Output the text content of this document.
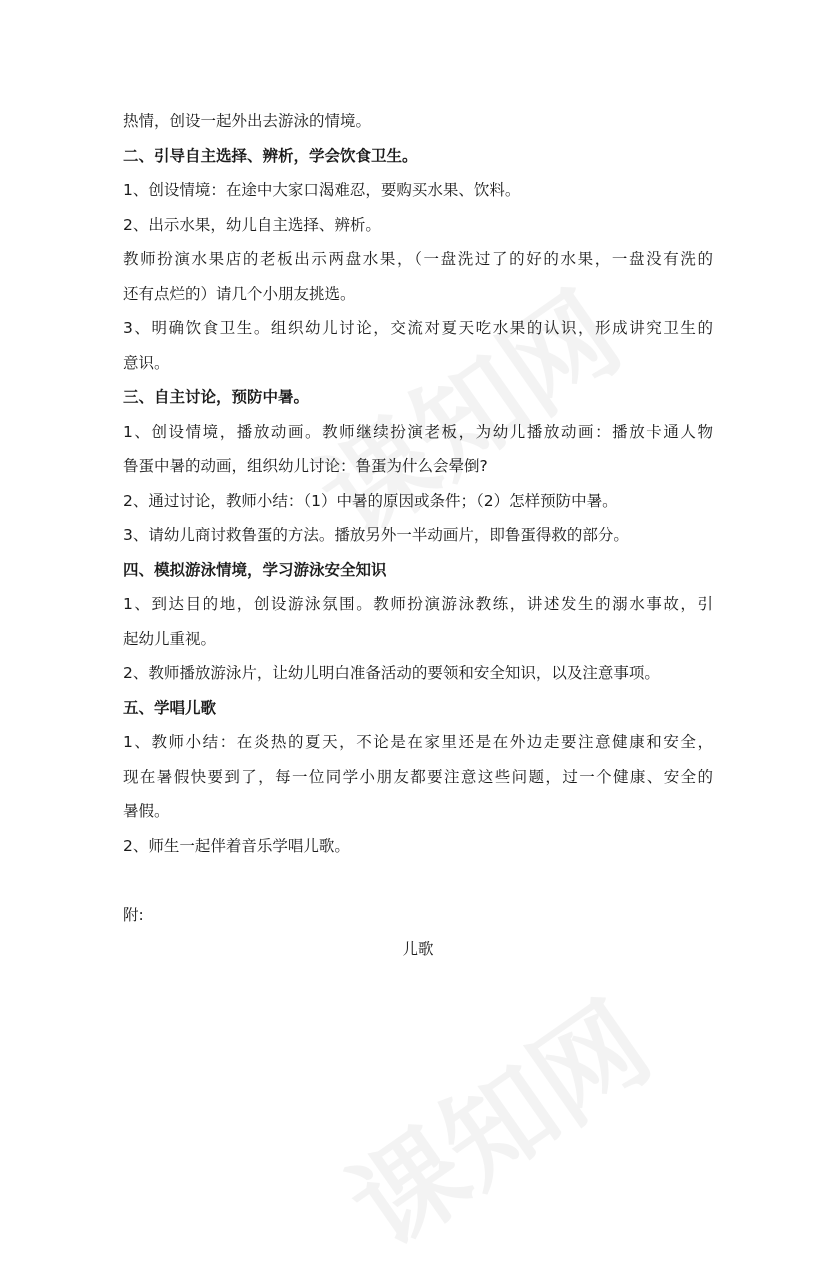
热情，创设一起外出去游泳的情境。

二、引导自主选择、辨析，学会饮食卫生。

1、创设情境：在途中大家口渴难忍，要购买水果、饮料。

2、出示水果，幼儿自主选择、辨析。

教师扮演水果店的老板出示两盘水果，（一盘洗过了的好的水果，一盘没有洗的

还有点烂的）请几个小朋友挑选。

3、明确饮食卫生。组织幼儿讨论，交流对夏天吃水果的认识，形成讲究卫生的

意识。

三、自主讨论，预防中暑。

1、创设情境，播放动画。教师继续扮演老板，为幼儿播放动画：播放卡通人物

鲁蛋中暑的动画，组织幼儿讨论：鲁蛋为什么会晕倒?

2、通过讨论，教师小结：（1）中暑的原因或条件；（2）怎样预防中暑。

3、请幼儿商讨救鲁蛋的方法。播放另外一半动画片，即鲁蛋得救的部分。

四、模拟游泳情境，学习游泳安全知识

1、到达目的地，创设游泳氛围。教师扮演游泳教练，讲述发生的溺水事故，引

起幼儿重视。

2、教师播放游泳片，让幼儿明白准备活动的要领和安全知识，以及注意事项。

五、学唱儿歌

1、教师小结：在炎热的夏天，不论是在家里还是在外边走要注意健康和安全，

现在暑假快要到了，每一位同学小朋友都要注意这些问题，过一个健康、安全的

暑假。

2、师生一起伴着音乐学唱儿歌。

附:

儿歌
